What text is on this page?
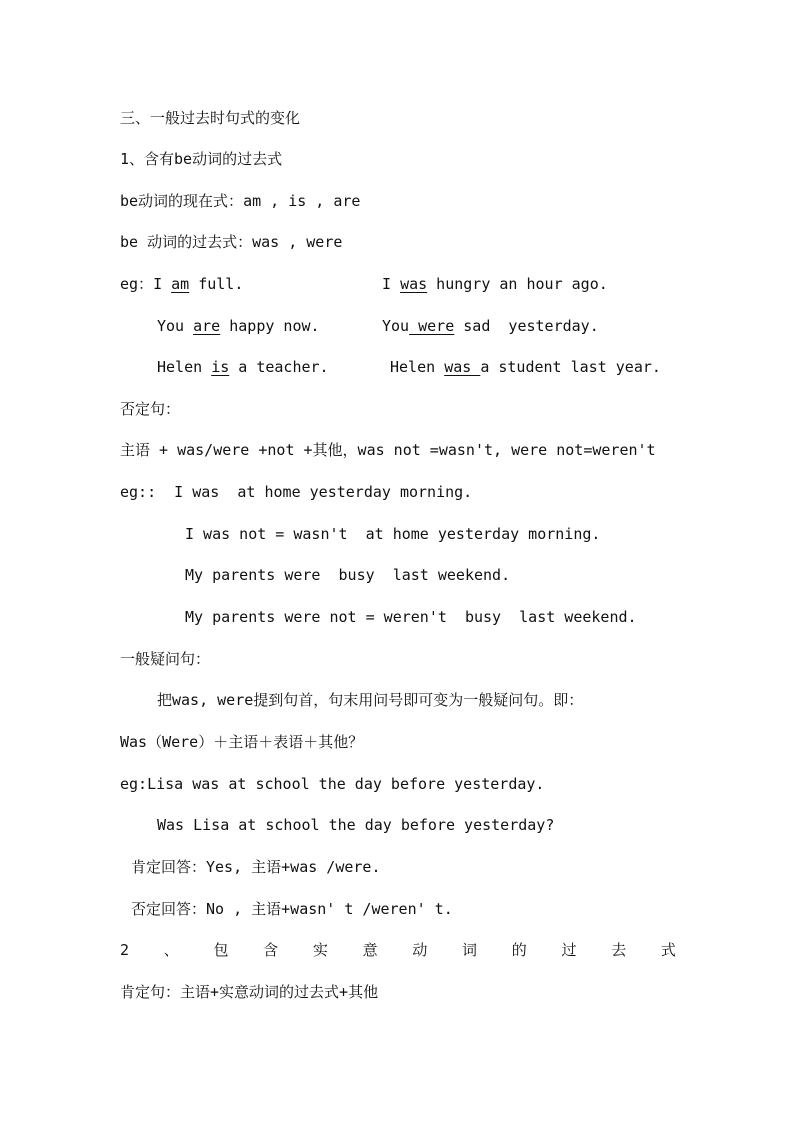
三、一般过去时句式的变化
1、含有be动词的过去式
be动词的现在式：am , is , are
be 动词的过去式：was , were
eg：I am full.	I was hungry an hour ago.
You are happy now.	You were sad  yesterday.
Helen is a teacher.	Helen was a student last year.
否定句：
主语 + was/were +not +其他，was not =wasn't, were not=weren't
eg::  I was  at home yesterday morning.
I was not = wasn't  at home yesterday morning.
My parents were  busy  last weekend.
My parents were not = weren't  busy  last weekend.
一般疑问句：
把was, were提到句首，句末用问号即可变为一般疑问句。即：
Was（Were）＋主语＋表语＋其他？
eg:Lisa was at school the day before yesterday.
Was Lisa at school the day before yesterday?
肯定回答：Yes, 主语+was /were.
否定回答：No , 主语+wasn' t /weren' t.
2 、 包 含 实 意 动 词 的 过 去 式
肯定句：主语+实意动词的过去式+其他
